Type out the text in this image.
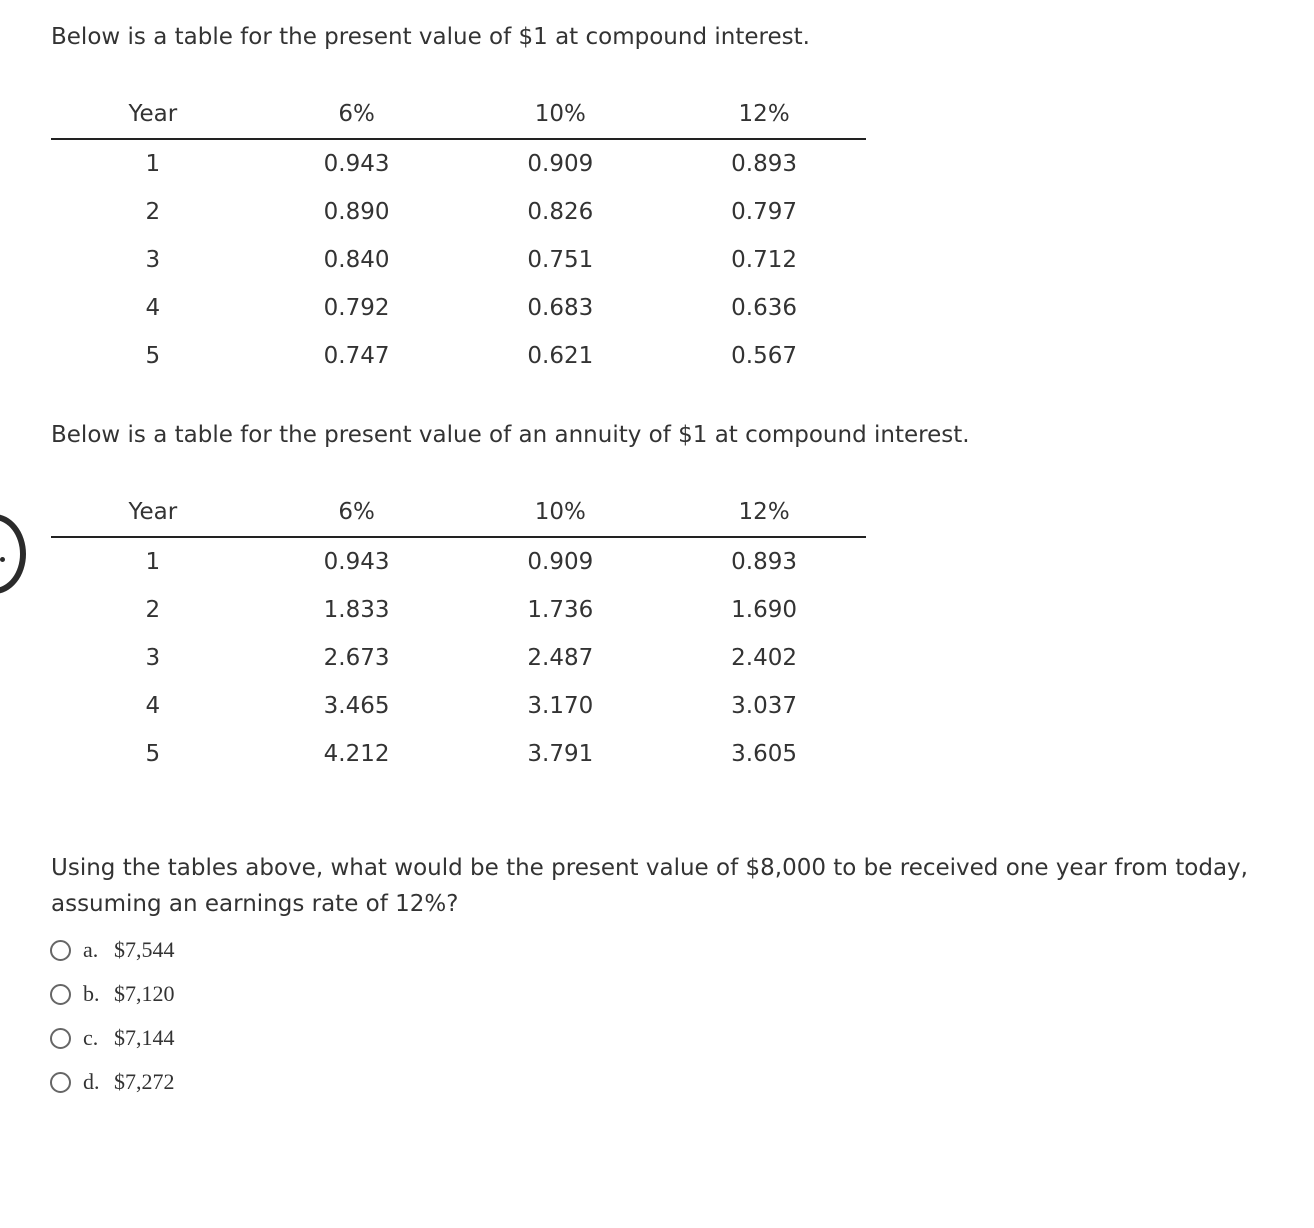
Below is a table for the present value of $1 at compound interest.

Year	6%	10%	12%
1	0.943	0.909	0.893
2	0.890	0.826	0.797
3	0.840	0.751	0.712
4	0.792	0.683	0.636
5	0.747	0.621	0.567

Below is a table for the present value of an annuity of $1 at compound interest.

Year	6%	10%	12%
1	0.943	0.909	0.893
2	1.833	1.736	1.690
3	2.673	2.487	2.402
4	3.465	3.170	3.037
5	4.212	3.791	3.605

Using the tables above, what would be the present value of $8,000 to be received one year from today, assuming an earnings rate of 12%?

a. $7,544
b. $7,120
c. $7,144
d. $7,272
